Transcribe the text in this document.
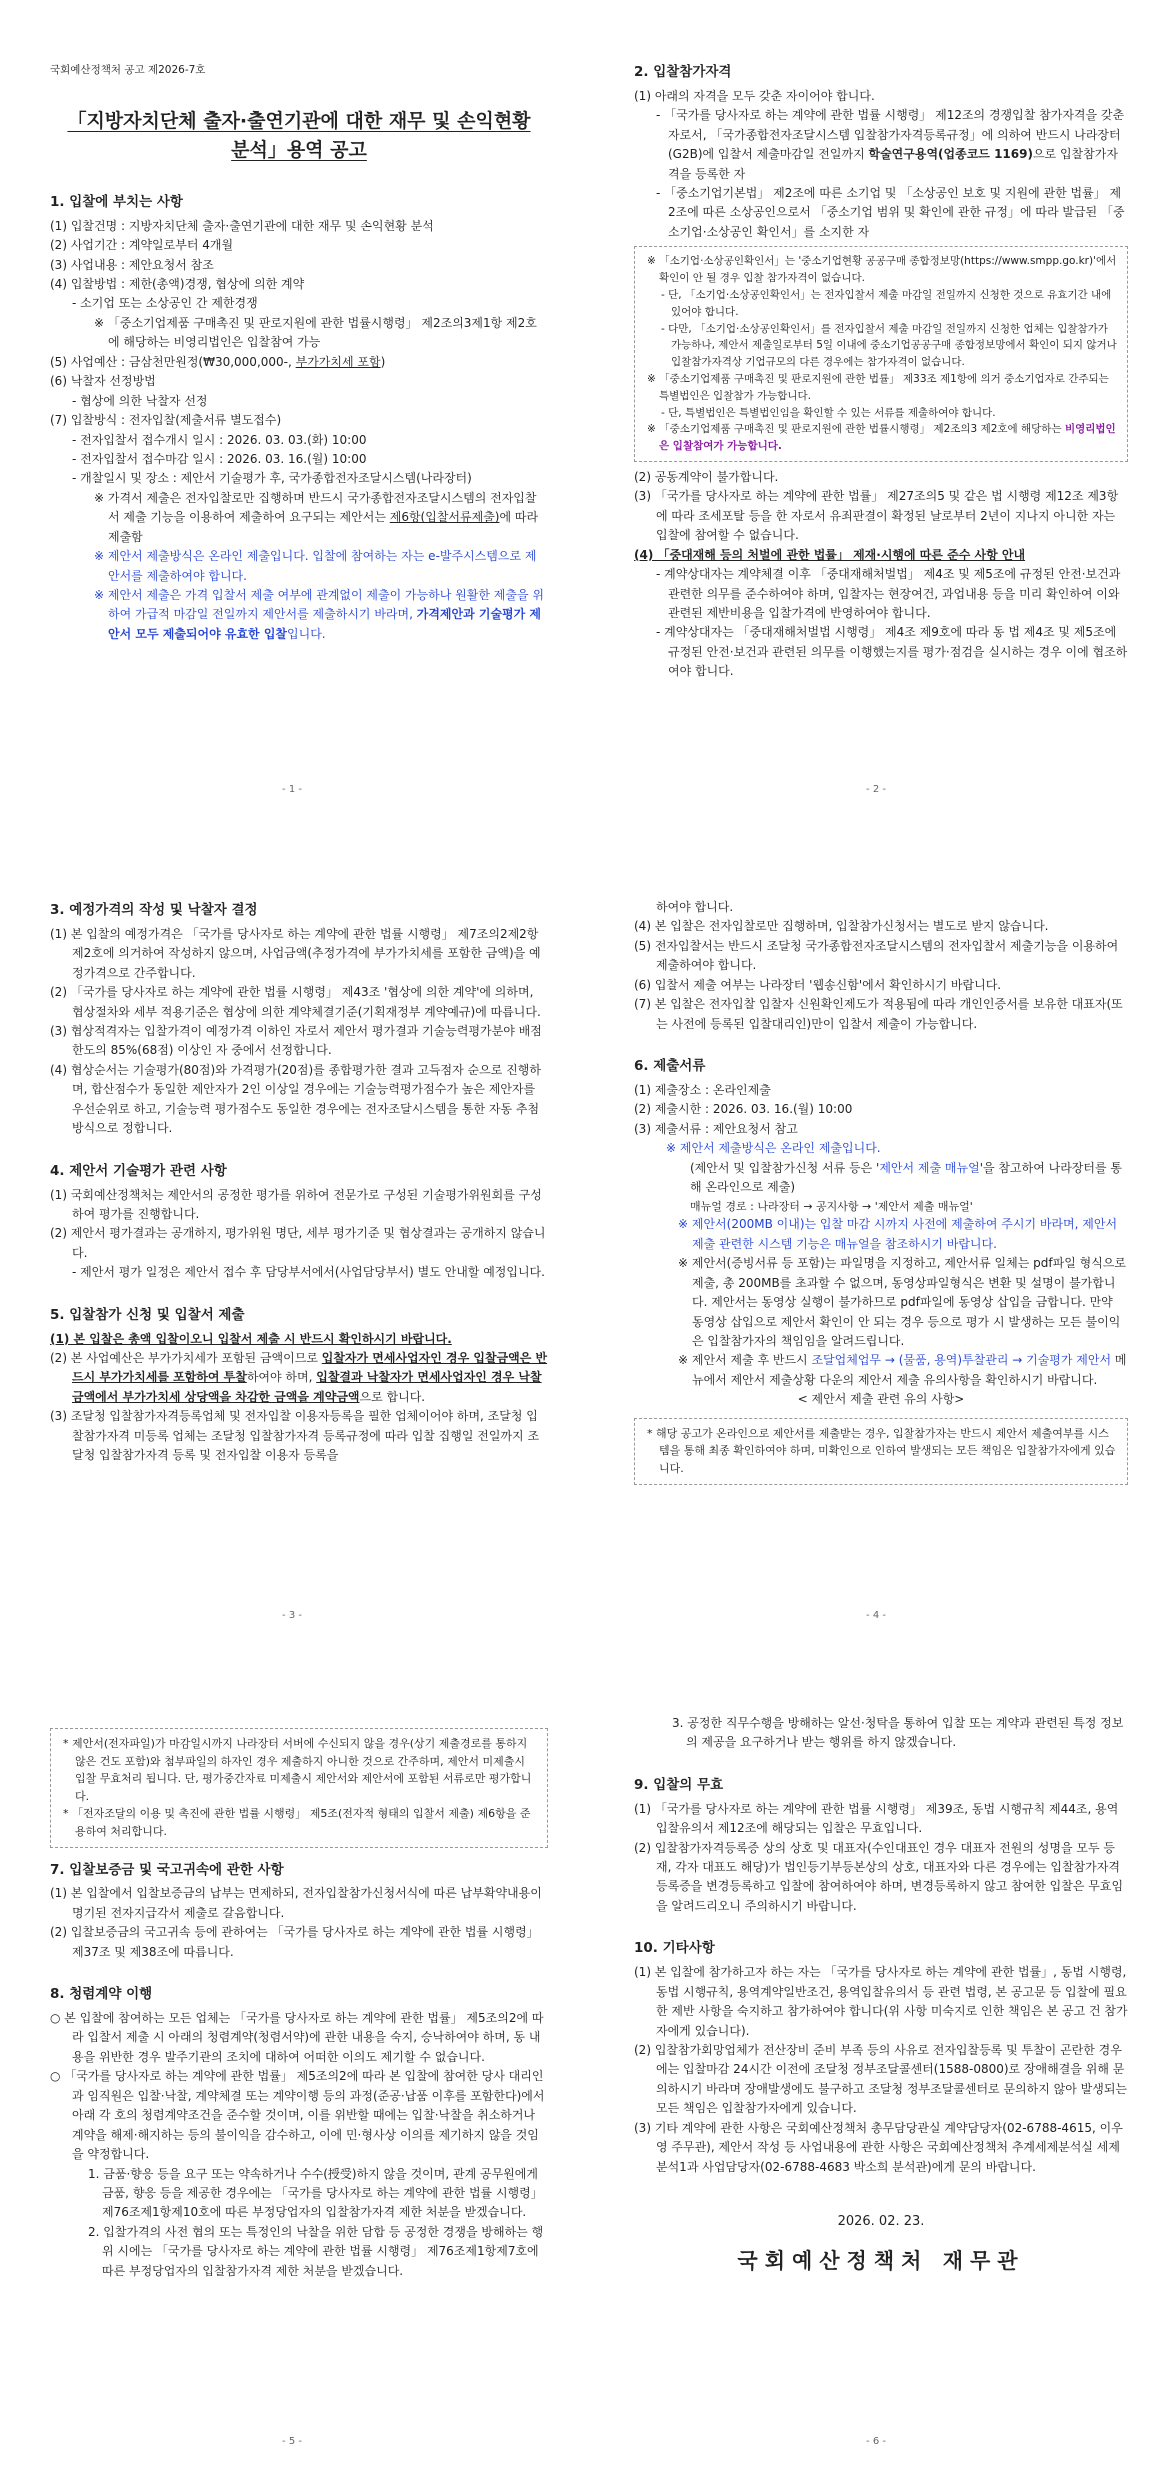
국회예산정책처 공고 제2026-7호

「지방자치단체 출자·출연기관에 대한 재무 및 손익현황
분석」용역 공고
1. 입찰에 부치는 사항

(1) 입찰건명 : 지방자치단체 출자·출연기관에 대한 재무 및 손익현황 분석

(2) 사업기간 : 계약일로부터 4개월

(3) 사업내용 : 제안요청서 참조

(4) 입찰방법 : 제한(총액)경쟁, 협상에 의한 계약

- 소기업 또는 소상공인 간 제한경쟁

※ 「중소기업제품 구매촉진 및 판로지원에 관한 법률시행령」 제2조의3제1항 제2호에 해당하는 비영리법인은 입찰참여 가능

(5) 사업예산 : 금삼천만원정(₩30,000,000-, 부가가치세 포함)

(6) 낙찰자 선정방법

- 협상에 의한 낙찰자 선정

(7) 입찰방식 : 전자입찰(제출서류 별도접수)

- 전자입찰서 접수개시 일시 : 2026. 03. 03.(화) 10:00

- 전자입찰서 접수마감 일시 : 2026. 03. 16.(월) 10:00

- 개찰일시 및 장소 : 제안서 기술평가 후, 국가종합전자조달시스템(나라장터)

※ 가격서 제출은 전자입찰로만 집행하며 반드시 국가종합전자조달시스템의 전자입찰서 제출 기능을 이용하여 제출하여 요구되는 제안서는 제6항(입찰서류제출)에 따라 제출함

※ 제안서 제출방식은 온라인 제출입니다. 입찰에 참여하는 자는 e-발주시스템으로 제안서를 제출하여야 합니다.

※ 제안서 제출은 가격 입찰서 제출 여부에 관계없이 제출이 가능하나 원활한 제출을 위하여 가급적 마감일 전일까지 제안서를 제출하시기 바라며, 가격제안과 기술평가 제안서 모두 제출되어야 유효한 입찰입니다.

- 1 -
2. 입찰참가자격

(1) 아래의 자격을 모두 갖춘 자이어야 합니다.

- 「국가를 당사자로 하는 계약에 관한 법률 시행령」 제12조의 경쟁입찰 참가자격을 갖춘 자로서, 「국가종합전자조달시스템 입찰참가자격등록규정」에 의하여 반드시 나라장터(G2B)에 입찰서 제출마감일 전일까지 학술연구용역(업종코드 1169)으로 입찰참가자격을 등록한 자

- 「중소기업기본법」 제2조에 따른 소기업 및 「소상공인 보호 및 지원에 관한 법률」 제2조에 따른 소상공인으로서 「중소기업 범위 및 확인에 관한 규정」에 따라 발급된 「중소기업·소상공인 확인서」를 소지한 자

※ 「소기업·소상공인확인서」는 '중소기업현황 공공구매 종합정보망(https://www.smpp.go.kr)'에서 확인이 안 될 경우 입찰 참가자격이 없습니다.

- 단, 「소기업·소상공인확인서」는 전자입찰서 제출 마감일 전일까지 신청한 것으로 유효기간 내에 있어야 합니다.

- 다만, 「소기업·소상공인확인서」를 전자입찰서 제출 마감일 전일까지 신청한 업체는 입찰참가가 가능하나, 제안서 제출일로부터 5일 이내에 중소기업공공구매 종합정보망에서 확인이 되지 않거나 입찰참가자격상 기업규모의 다른 경우에는 참가자격이 없습니다.

※ 「중소기업제품 구매촉진 및 판로지원에 관한 법률」 제33조 제1항에 의거 중소기업자로 간주되는 특별법인은 입찰참가 가능합니다.

- 단, 특별법인은 특별법인임을 확인할 수 있는 서류를 제출하여야 합니다.

※ 「중소기업제품 구매촉진 및 판로지원에 관한 법률시행령」 제2조의3 제2호에 해당하는 비영리법인은 입찰참여가 가능합니다.

(2) 공동계약이 불가합니다.

(3) 「국가를 당사자로 하는 계약에 관한 법률」 제27조의5 및 같은 법 시행령 제12조 제3항에 따라 조세포탈 등을 한 자로서 유죄판결이 확정된 날로부터 2년이 지나지 아니한 자는 입찰에 참여할 수 없습니다.

(4) 「중대재해 등의 처벌에 관한 법률」 제재·시행에 따른 준수 사항 안내

- 계약상대자는 계약체결 이후 「중대재해처벌법」 제4조 및 제5조에 규정된 안전·보건과 관련한 의무를 준수하여야 하며, 입찰자는 현장여건, 과업내용 등을 미리 확인하여 이와 관련된 제반비용을 입찰가격에 반영하여야 합니다.

- 계약상대자는 「중대재해처벌법 시행령」 제4조 제9호에 따라 동 법 제4조 및 제5조에 규정된 안전·보건과 관련된 의무를 이행했는지를 평가·점검을 실시하는 경우 이에 협조하여야 합니다.

- 2 -
3. 예정가격의 작성 및 낙찰자 결정

(1) 본 입찰의 예정가격은 「국가를 당사자로 하는 계약에 관한 법률 시행령」 제7조의2제2항제2호에 의거하여 작성하지 않으며, 사업금액(추정가격에 부가가치세를 포함한 금액)을 예정가격으로 간주합니다.

(2) 「국가를 당사자로 하는 계약에 관한 법률 시행령」 제43조 '협상에 의한 계약'에 의하며, 협상절차와 세부 적용기준은 협상에 의한 계약체결기준(기획재정부 계약예규)에 따릅니다.

(3) 협상적격자는 입찰가격이 예정가격 이하인 자로서 제안서 평가결과 기술능력평가분야 배점한도의 85%(68점) 이상인 자 중에서 선정합니다.

(4) 협상순서는 기술평가(80점)와 가격평가(20점)를 종합평가한 결과 고득점자 순으로 진행하며, 합산점수가 동일한 제안자가 2인 이상일 경우에는 기술능력평가점수가 높은 제안자를 우선순위로 하고, 기술능력 평가점수도 동일한 경우에는 전자조달시스템을 통한 자동 추첨 방식으로 정합니다.

4. 제안서 기술평가 관련 사항

(1) 국회예산정책처는 제안서의 공정한 평가를 위하여 전문가로 구성된 기술평가위원회를 구성하여 평가를 진행합니다.

(2) 제안서 평가결과는 공개하지, 평가위원 명단, 세부 평가기준 및 협상결과는 공개하지 않습니다.

- 제안서 평가 일정은 제안서 접수 후 담당부서에서(사업담당부서) 별도 안내할 예정입니다.

5. 입찰참가 신청 및 입찰서 제출

(1) 본 입찰은 총액 입찰이오니 입찰서 제출 시 반드시 확인하시기 바랍니다.

(2) 본 사업예산은 부가가치세가 포함된 금액이므로 입찰자가 면세사업자인 경우 입찰금액은 반드시 부가가치세를 포함하여 투찰하여야 하며, 입찰결과 낙찰자가 면세사업자인 경우 낙찰금액에서 부가가치세 상당액을 차감한 금액을 계약금액으로 합니다.

(3) 조달청 입찰참가자격등록업체 및 전자입찰 이용자등록을 필한 업체이어야 하며, 조달청 입찰참가자격 미등록 업체는 조달청 입찰참가자격 등록규정에 따라 입찰 집행일 전일까지 조달청 입찰참가자격 등록 및 전자입찰 이용자 등록을

- 3 -

하여야 합니다.

(4) 본 입찰은 전자입찰로만 집행하며, 입찰참가신청서는 별도로 받지 않습니다.

(5) 전자입찰서는 반드시 조달청 국가종합전자조달시스템의 전자입찰서 제출기능을 이용하여 제출하여야 합니다.

(6) 입찰서 제출 여부는 나라장터 '웹송신함'에서 확인하시기 바랍니다.

(7) 본 입찰은 전자입찰 입찰자 신원확인제도가 적용됨에 따라 개인인증서를 보유한 대표자(또는 사전에 등록된 입찰대리인)만이 입찰서 제출이 가능합니다.

6. 제출서류

(1) 제출장소 : 온라인제출

(2) 제출시한 : 2026. 03. 16.(월) 10:00

(3) 제출서류 : 제안요청서 참고

※ 제안서 제출방식은 온라인 제출입니다.

(제안서 및 입찰참가신청 서류 등은 '제안서 제출 매뉴얼'을 참고하여 나라장터를 통해 온라인으로 제출)

매뉴얼 경로 : 나라장터 → 공지사항 → '제안서 제출 매뉴얼'

※ 제안서(200MB 이내)는 입찰 마감 시까지 사전에 제출하여 주시기 바라며, 제안서 제출 관련한 시스템 기능은 매뉴얼을 참조하시기 바랍니다.

※ 제안서(증빙서류 등 포함)는 파일명을 지정하고, 제안서류 일체는 pdf파일 형식으로 제출, 총 200MB를 초과할 수 없으며, 동영상파일형식은 변환 및 설명이 불가합니다. 제안서는 동영상 실행이 불가하므로 pdf파일에 동영상 삽입을 금합니다. 만약 동영상 삽입으로 제안서 확인이 안 되는 경우 등으로 평가 시 발생하는 모든 불이익은 입찰참가자의 책임임을 알려드립니다.

※ 제안서 제출 후 반드시 조달업체업무 → (물품, 용역)투찰관리 → 기술평가 제안서 메뉴에서 제안서 제출상황 다운의 제안서 제출 유의사항을 확인하시기 바랍니다.

< 제안서 제출 관련 유의 사항>

* 해당 공고가 온라인으로 제안서를 제출받는 경우, 입찰참가자는 반드시 제안서 제출여부를 시스템을 통해 최종 확인하여야 하며, 미확인으로 인하여 발생되는 모든 책임은 입찰참가자에게 있습니다.

- 4 -

* 제안서(전자파일)가 마감일시까지 나라장터 서버에 수신되지 않을 경우(상기 제출경로를 통하지 않은 건도 포함)와 첨부파일의 하자인 경우 제출하지 아니한 것으로 간주하며, 제안서 미제출시 입찰 무효처리 됩니다. 단, 평가중간자료 미제출시 제안서와 제안서에 포함된 서류로만 평가합니다.

* 「전자조달의 이용 및 촉진에 관한 법률 시행령」 제5조(전자적 형태의 입찰서 제출) 제6항을 준용하여 처리합니다.

7. 입찰보증금 및 국고귀속에 관한 사항

(1) 본 입찰에서 입찰보증금의 납부는 면제하되, 전자입찰참가신청서식에 따른 납부확약내용이 명기된 전자지급각서 제출로 갈음합니다.

(2) 입찰보증금의 국고귀속 등에 관하여는 「국가를 당사자로 하는 계약에 관한 법률 시행령」 제37조 및 제38조에 따릅니다.

8. 청렴계약 이행

○ 본 입찰에 참여하는 모든 업체는 「국가를 당사자로 하는 계약에 관한 법률」 제5조의2에 따라 입찰서 제출 시 아래의 청렴계약(청렴서약)에 관한 내용을 숙지, 승낙하여야 하며, 동 내용을 위반한 경우 발주기관의 조치에 대하여 어떠한 이의도 제기할 수 없습니다.

○ 「국가를 당사자로 하는 계약에 관한 법률」 제5조의2에 따라 본 입찰에 참여한 당사 대리인과 임직원은 입찰·낙찰, 계약체결 또는 계약이행 등의 과정(준공·납품 이후를 포함한다)에서 아래 각 호의 청렴계약조건을 준수할 것이며, 이를 위반할 때에는 입찰·낙찰을 취소하거나 계약을 해제·해지하는 등의 불이익을 감수하고, 이에 민·형사상 이의를 제기하지 않을 것임을 약정합니다.

1. 금품·향응 등을 요구 또는 약속하거나 수수(授受)하지 않을 것이며, 관계 공무원에게 금품, 향응 등을 제공한 경우에는 「국가를 당사자로 하는 계약에 관한 법률 시행령」 제76조제1항제10호에 따른 부정당업자의 입찰참가자격 제한 처분을 받겠습니다.

2. 입찰가격의 사전 협의 또는 특정인의 낙찰을 위한 담합 등 공정한 경쟁을 방해하는 행위 시에는 「국가를 당사자로 하는 계약에 관한 법률 시행령」 제76조제1항제7호에 따른 부정당업자의 입찰참가자격 제한 처분을 받겠습니다.

- 5 -

3. 공정한 직무수행을 방해하는 알선·청탁을 통하여 입찰 또는 계약과 관련된 특정 정보의 제공을 요구하거나 받는 행위를 하지 않겠습니다.

9. 입찰의 무효

(1) 「국가를 당사자로 하는 계약에 관한 법률 시행령」 제39조, 동법 시행규칙 제44조, 용역입찰유의서 제12조에 해당되는 입찰은 무효입니다.

(2) 입찰참가자격등록증 상의 상호 및 대표자(수인대표인 경우 대표자 전원의 성명을 모두 등재, 각자 대표도 해당)가 법인등기부등본상의 상호, 대표자와 다른 경우에는 입찰참가자격등록증을 변경등록하고 입찰에 참여하여야 하며, 변경등록하지 않고 참여한 입찰은 무효임을 알려드리오니 주의하시기 바랍니다.

10. 기타사항

(1) 본 입찰에 참가하고자 하는 자는 「국가를 당사자로 하는 계약에 관한 법률」, 동법 시행령, 동법 시행규칙, 용역계약일반조건, 용역입찰유의서 등 관련 법령, 본 공고문 등 입찰에 필요한 제반 사항을 숙지하고 참가하여야 합니다(위 사항 미숙지로 인한 책임은 본 공고 건 참가자에게 있습니다).

(2) 입찰참가회망업체가 전산장비 준비 부족 등의 사유로 전자입찰등록 및 투찰이 곤란한 경우에는 입찰마감 24시간 이전에 조달청 정부조달콜센터(1588-0800)로 장애해결을 위해 문의하시기 바라며 장애발생에도 불구하고 조달청 정부조달콜센터로 문의하지 않아 발생되는 모든 책임은 입찰참가자에게 있습니다.

(3) 기타 계약에 관한 사항은 국회예산정책처 총무담당관실 계약담당자(02-6788-4615, 이우영 주무관), 제안서 작성 등 사업내용에 관한 사항은 국회예산정책처 추계세제분석실 세제분석1과 사업담당자(02-6788-4683 박소희 분석관)에게 문의 바랍니다.

2026. 02. 23.

국회예산정책처 재무관

- 6 -
